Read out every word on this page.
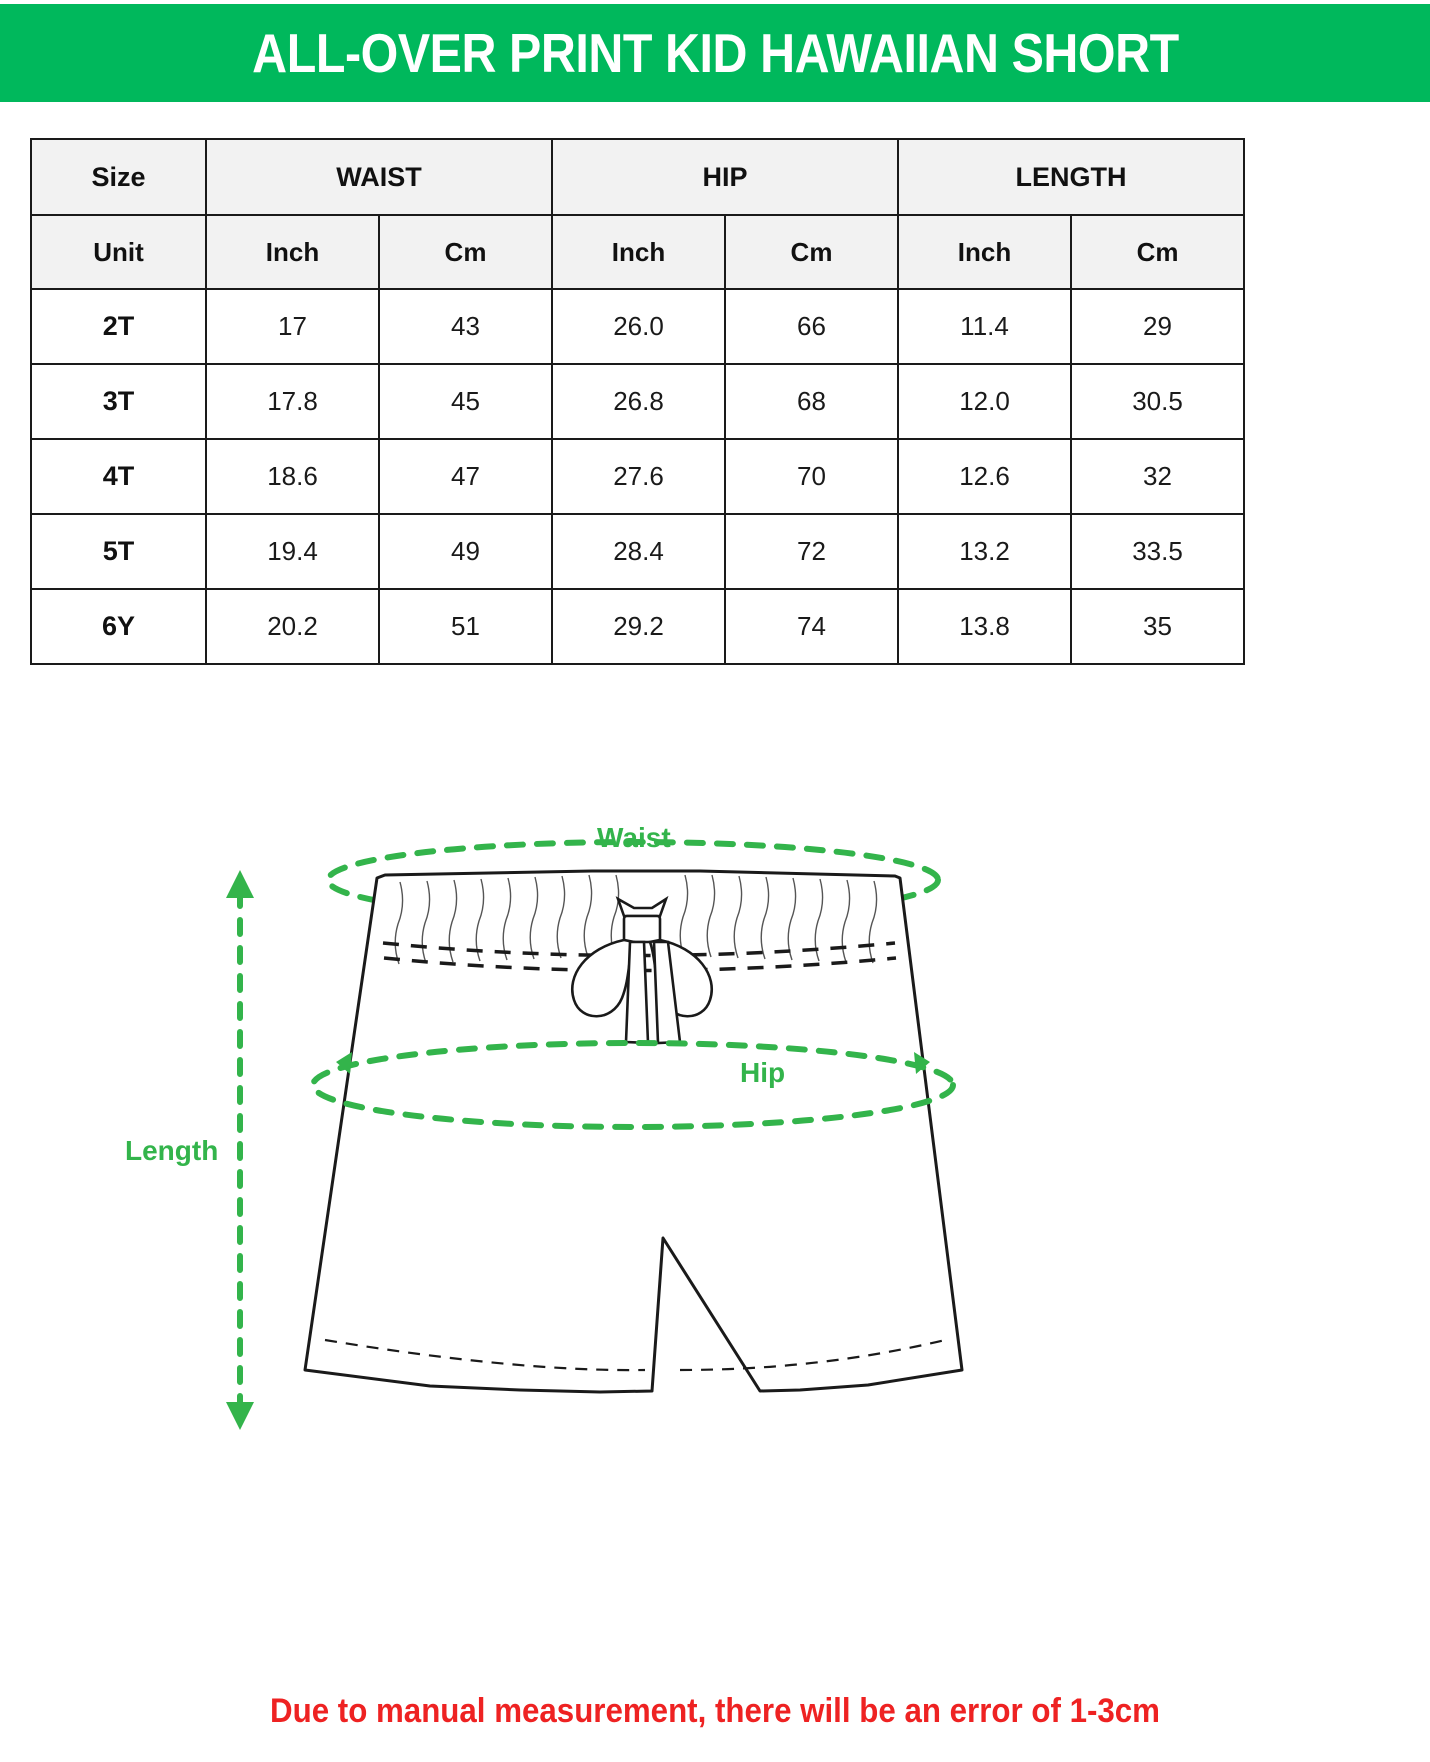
ALL-OVER PRINT KID HAWAIIAN SHORT
Size	WAIST		HIP		LENGTH	
Unit	Inch	Cm	Inch	Cm	Inch	Cm
2T	17	43	26.0	66	11.4	29
3T	17.8	45	26.8	68	12.0	30.5
4T	18.6	47	27.6	70	12.6	32
5T	19.4	49	28.4	72	13.2	33.5
6Y	20.2	51	29.2	74	13.8	35
Waist
Hip
Length
Due to manual measurement, there will be an error of 1-3cm
